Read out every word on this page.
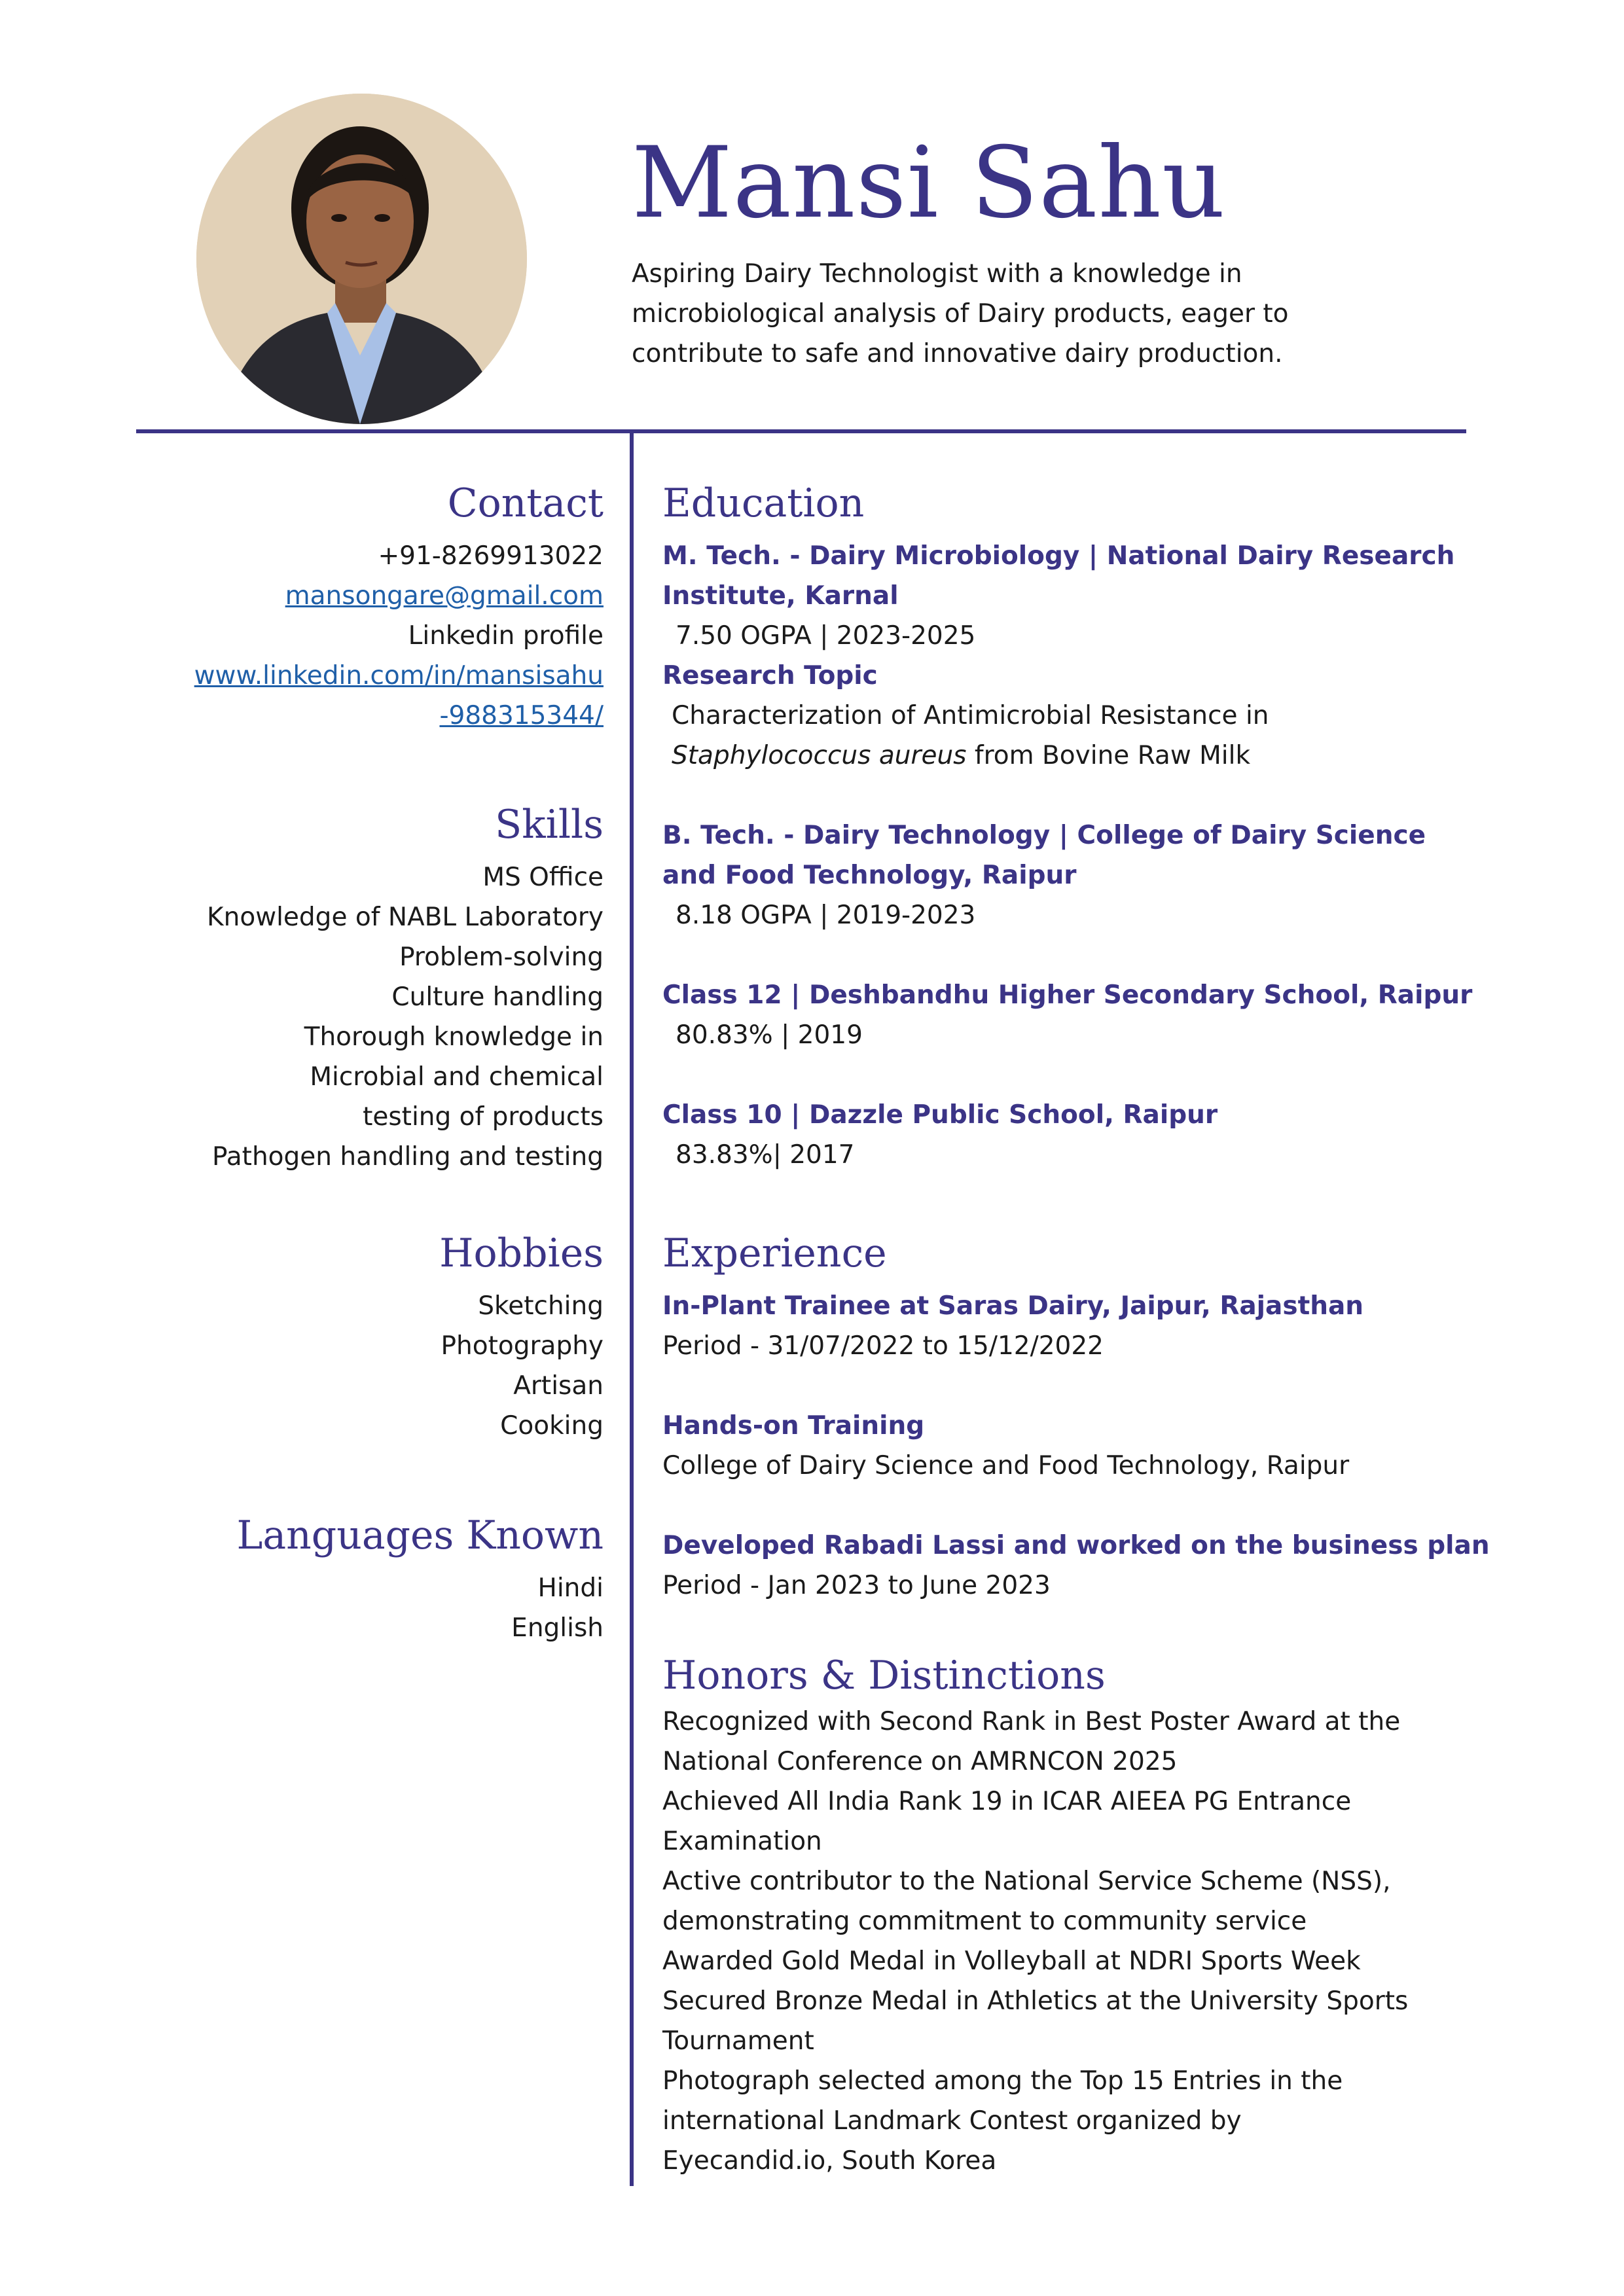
Mansi Sahu
Aspiring Dairy Technologist with a knowledge in
microbiological analysis of Dairy products, eager to
contribute to safe and innovative dairy production.
Contact
+91-8269913022
mansongare@gmail.com
Linkedin profile
www.linkedin.com/in/mansisahu
-988315344/
Skills
MS Office
Knowledge of NABL Laboratory
Problem-solving
Culture handling
Thorough knowledge in
Microbial and chemical
testing of products
Pathogen handling and testing
Hobbies
Sketching
Photography
Artisan
Cooking
Languages Known
Hindi
English
Education
M. Tech. - Dairy Microbiology | National Dairy Research
Institute, Karnal
7.50 OGPA | 2023-2025
Research Topic
Characterization of Antimicrobial Resistance in
Staphylococcus aureus from Bovine Raw Milk
B. Tech. - Dairy Technology | College of Dairy Science
and Food Technology, Raipur
8.18 OGPA | 2019-2023
Class 12 | Deshbandhu Higher Secondary School, Raipur
80.83% | 2019
Class 10 | Dazzle Public School, Raipur
83.83%| 2017
Experience
In-Plant Trainee at Saras Dairy, Jaipur, Rajasthan
Period - 31/07/2022 to 15/12/2022
Hands-on Training
College of Dairy Science and Food Technology, Raipur
Developed Rabadi Lassi and worked on the business plan
Period - Jan 2023 to June 2023
Honors & Distinctions
Recognized with Second Rank in Best Poster Award at the
National Conference on AMRNCON 2025
Achieved All India Rank 19 in ICAR AIEEA PG Entrance
Examination
Active contributor to the National Service Scheme (NSS),
demonstrating commitment to community service
Awarded Gold Medal in Volleyball at NDRI Sports Week
Secured Bronze Medal in Athletics at the University Sports
Tournament
Photograph selected among the Top 15 Entries in the
international Landmark Contest organized by
Eyecandid.io, South Korea
